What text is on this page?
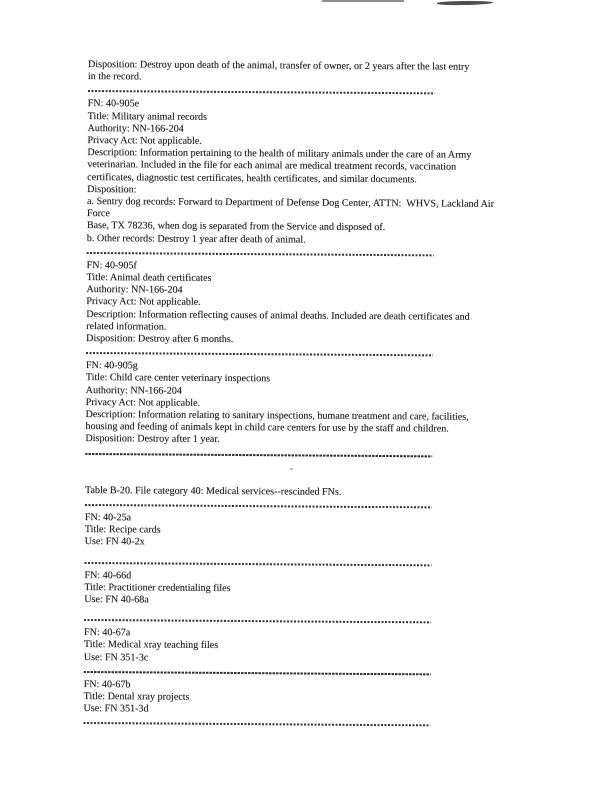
Disposition: Destroy upon death of the animal, transfer of owner, or 2 years after the last entry
in the record.
FN: 40-905e
Title: Military animal records
Authority: NN-166-204
Privacy Act: Not applicable.
Description: Information pertaining to the health of military animals under the care of an Army
veterinarian. Included in the file for each animal are medical treatment records, vaccination
certificates, diagnostic test certificates, health certificates, and similar documents.
Disposition:
a. Sentry dog records: Forward to Department of Defense Dog Center, ATTN:  WHVS, Lackland Air
Force
Base, TX 78236, when dog is separated from the Service and disposed of.
b. Other records: Destroy 1 year after death of animal.
FN: 40-905f
Title: Animal death certificates
Authority: NN-166-204
Privacy Act: Not applicable.
Description: Information reflecting causes of animal deaths. Included are death certificates and
related information.
Disposition: Destroy after 6 months.
FN: 40-905g
Title: Child care center veterinary inspections
Authority: NN-166-204
Privacy Act: Not applicable.
Description: Information relating to sanitary inspections, humane treatment and care, facilities,
housing and feeding of animals kept in child care centers for use by the staff and children.
Disposition: Destroy after 1 year.
Table B-20. File category 40: Medical services--rescinded FNs.
FN: 40-25a
Title: Recipe cards
Use: FN 40-2x
FN: 40-66d
Title: Practitioner credentialing files
Use: FN 40-68a
FN: 40-67a
Title: Medical xray teaching files
Use: FN 351-3c
FN: 40-67b
Title: Dental xray projects
Use: FN 351-3d
